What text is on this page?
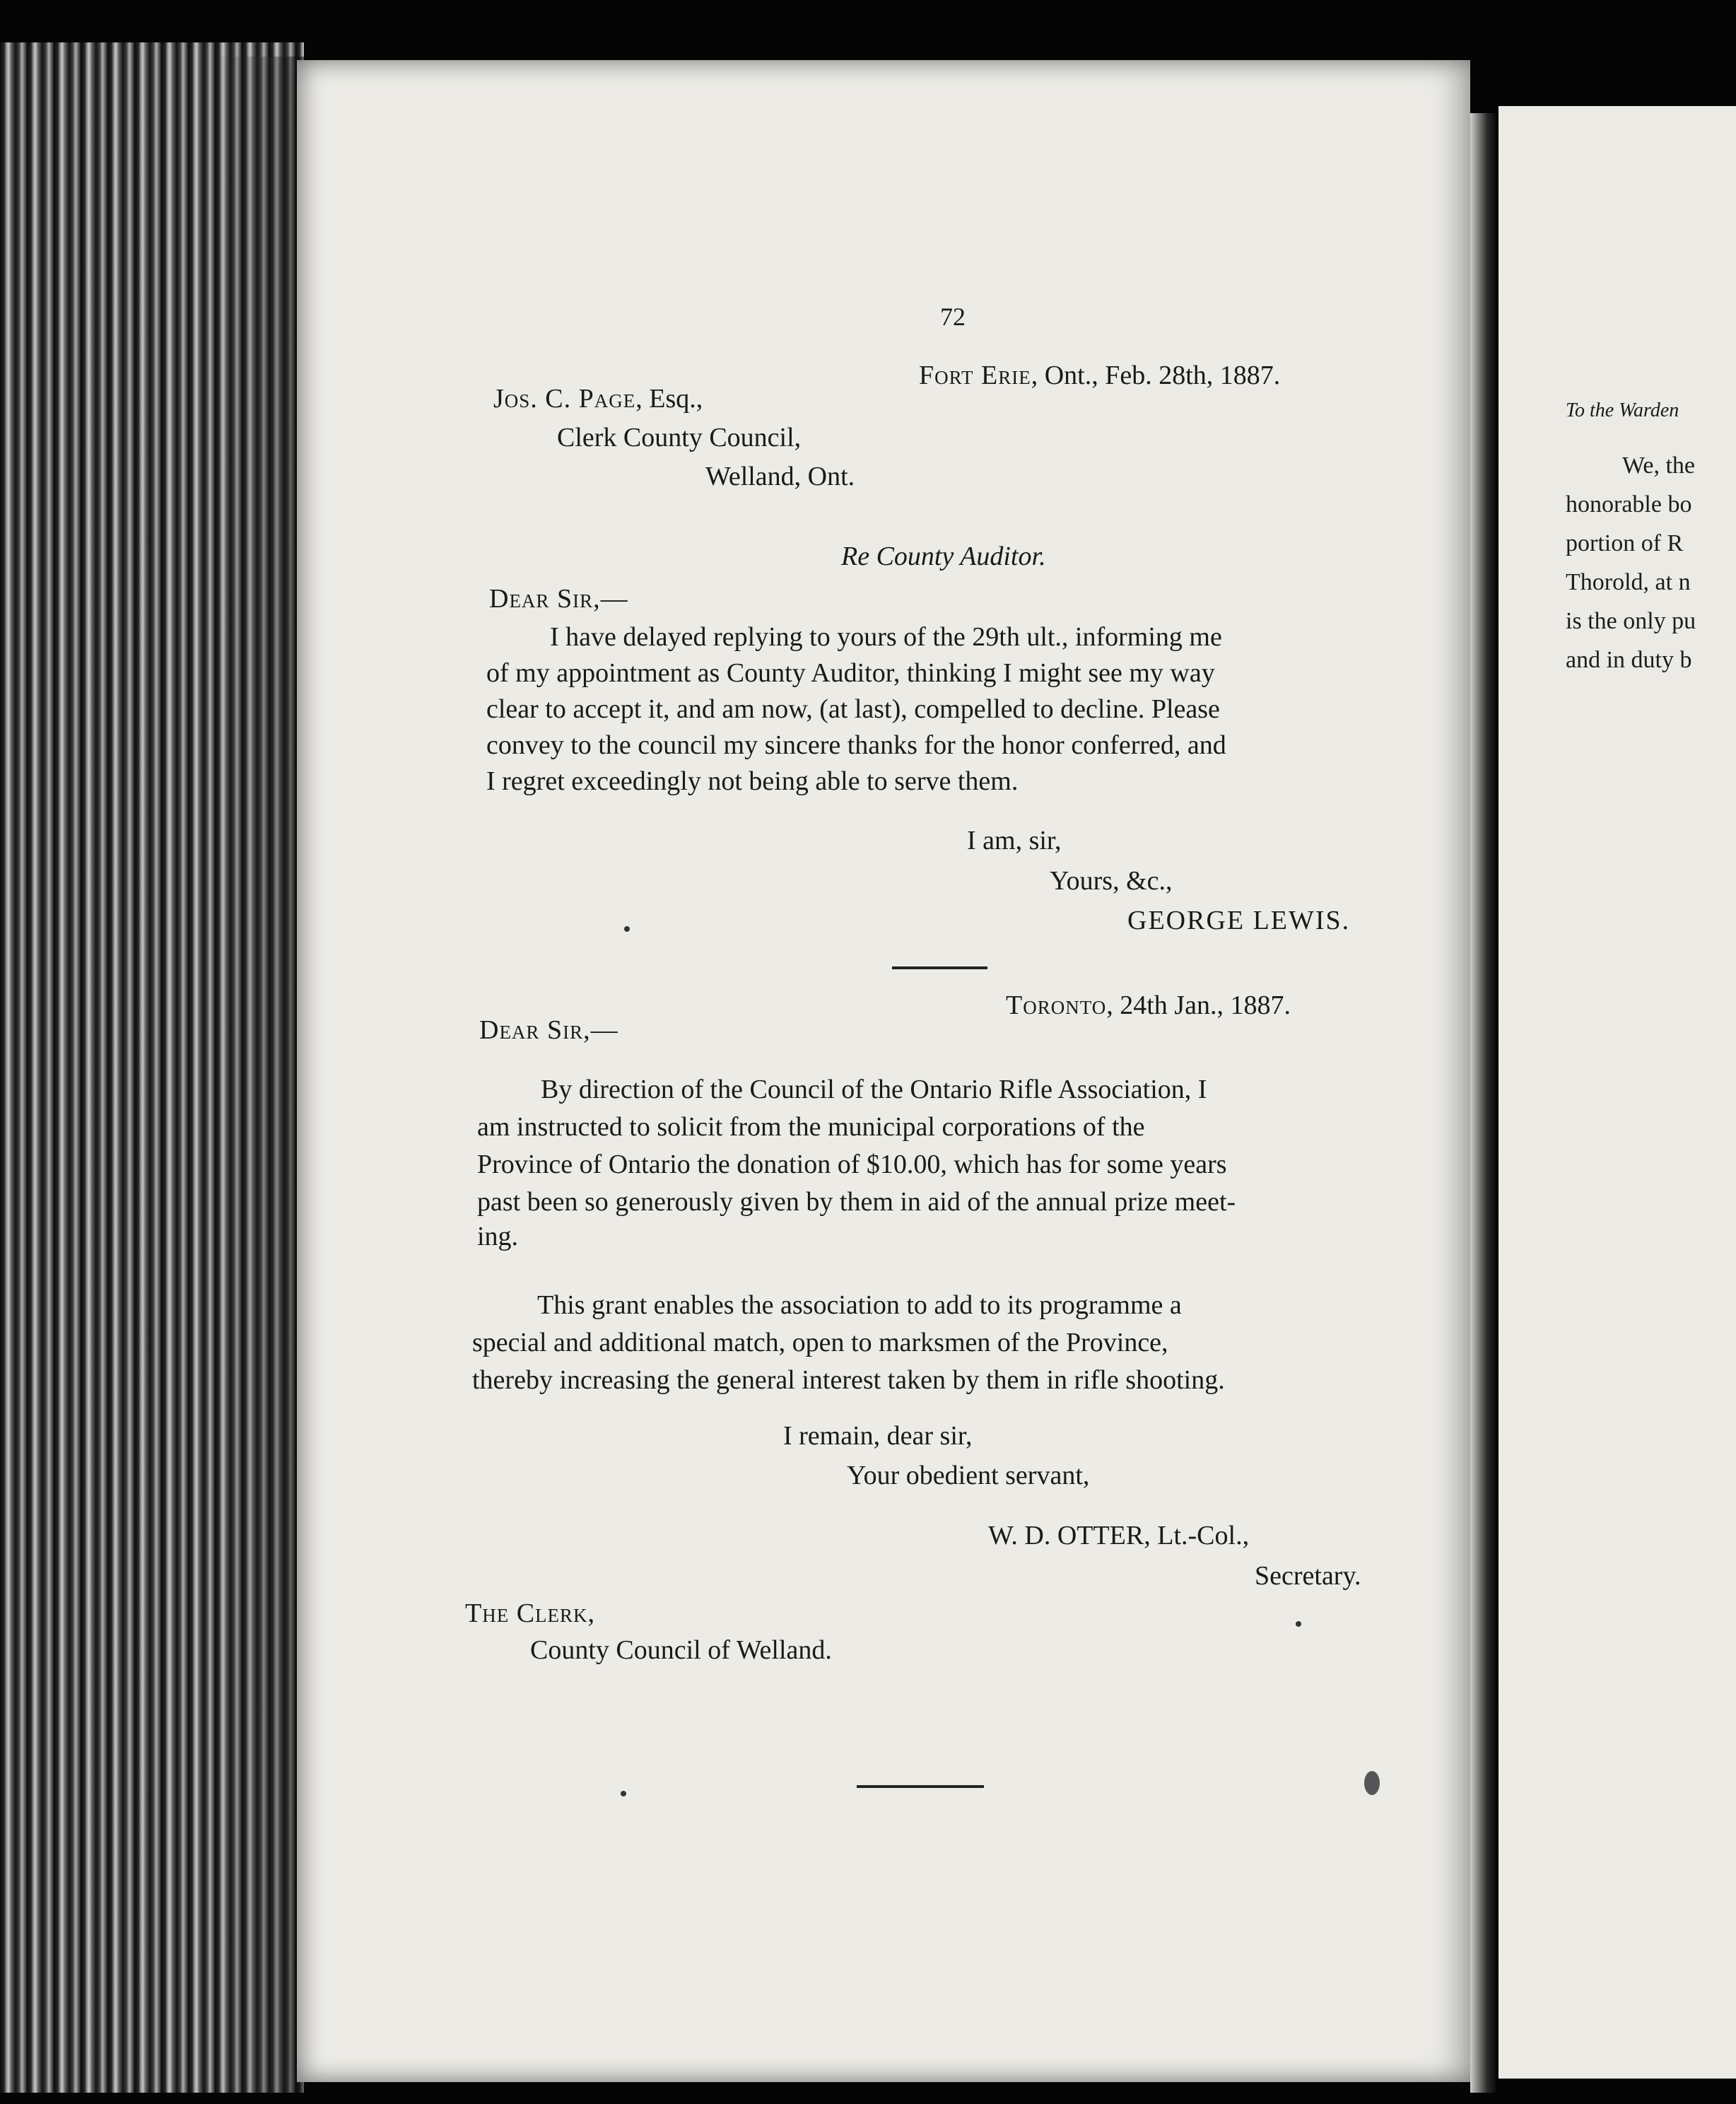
72
Fort Erie, Ont., Feb. 28th, 1887.
Jos. C. Page, Esq.,
Clerk County Council,
Welland, Ont.
Re County Auditor.
Dear Sir,—
I have delayed replying to yours of the 29th ult., informing me
of my appointment as County Auditor, thinking I might see my way
clear to accept it, and am now, (at last), compelled to decline. Please
convey to the council my sincere thanks for the honor conferred, and
I regret exceedingly not being able to serve them.
I am, sir,
Yours, &c.,
GEORGE LEWIS.
Toronto, 24th Jan., 1887.
Dear Sir,—
By direction of the Council of the Ontario Rifle Association, I
am instructed to solicit from the municipal corporations of the
Province of Ontario the donation of $10.00, which has for some years
past been so generously given by them in aid of the annual prize meet-
ing.
This grant enables the association to add to its programme a
special and additional match, open to marksmen of the Province,
thereby increasing the general interest taken by them in rifle shooting.
I remain, dear sir,
Your obedient servant,
W. D. OTTER, Lt.-Col.,
Secretary.
The Clerk,
County Council of Welland.
To the Warden
We, the
honorable bo
portion of R
Thorold, at n
is the only pu
and in duty b
